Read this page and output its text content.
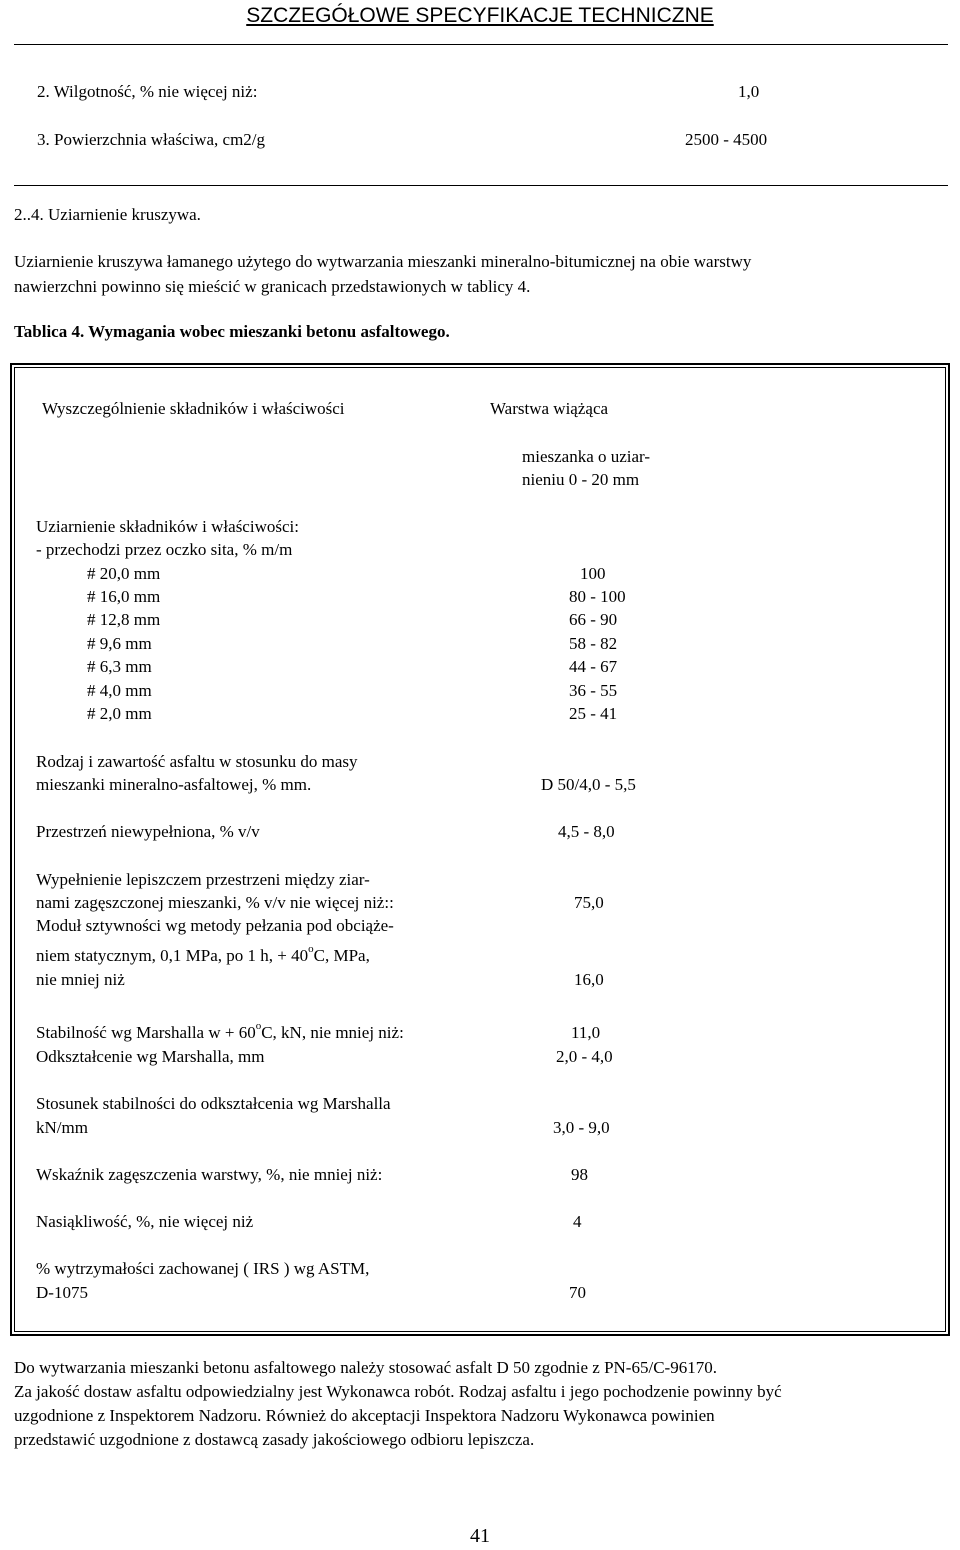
SZCZEGÓŁOWE SPECYFIKACJE TECHNICZNE
2. Wilgotność, % nie więcej niż:	1,0
3. Powierzchnia właściwa, cm2/g	2500 - 4500
2..4. Uziarnienie kruszywa.
Uziarnienie kruszywa łamanego użytego do wytwarzania mieszanki mineralno-bitumicznej na obie warstwy
nawierzchni powinno się mieścić w granicach przedstawionych w tablicy 4.
Tablica 4. Wymagania wobec mieszanki betonu asfaltowego.
Wyszczególnienie składników i właściwości	Warstwa wiążąca
mieszanka o uziar-
nieniu 0 - 20 mm
Uziarnienie składników i właściwości:
- przechodzi przez oczko sita, % m/m
# 20,0 mm	100
# 16,0 mm	80 - 100
# 12,8 mm	66 - 90
# 9,6 mm	58 - 82
# 6,3 mm	44 - 67
# 4,0 mm	36 - 55
# 2,0 mm	25 - 41
Rodzaj i zawartość asfaltu w stosunku do masy
mieszanki mineralno-asfaltowej, % mm.	D 50/4,0 - 5,5
Przestrzeń niewypełniona, % v/v	4,5 - 8,0
Wypełnienie lepiszczem przestrzeni między ziar-
nami zagęszczonej mieszanki, % v/v nie więcej niż::	75,0
Moduł sztywności wg metody pełzania pod obciąże-
niem statycznym, 0,1 MPa, po 1 h, + $40^oC$, MPa,
nie mniej niż	16,0
Stabilność wg Marshalla $w + 60^oC$, kN, nie mniej niż:	11,0
Odkształcenie wg Marshalla, mm	2,0 - 4,0
Stosunek stabilności do odkształcenia wg Marshalla
kN/mm	3,0 - 9,0
Wskaźnik zagęszczenia warstwy, %, nie mniej niż:	98
Nasiąkliwość, %, nie więcej niż	4
% wytrzymałości zachowanej ( IRS ) wg ASTM,
D-1075	70
Do wytwarzania mieszanki betonu asfaltowego należy stosować asfalt D 50 zgodnie z PN-65/C-96170.
Za jakość dostaw asfaltu odpowiedzialny jest Wykonawca robót. Rodzaj asfaltu i jego pochodzenie powinny być
uzgodnione z Inspektorem Nadzoru. Również do akceptacji Inspektora Nadzoru Wykonawca powinien
przedstawić uzgodnione z dostawcą zasady jakościowego odbioru lepiszcza.
41
